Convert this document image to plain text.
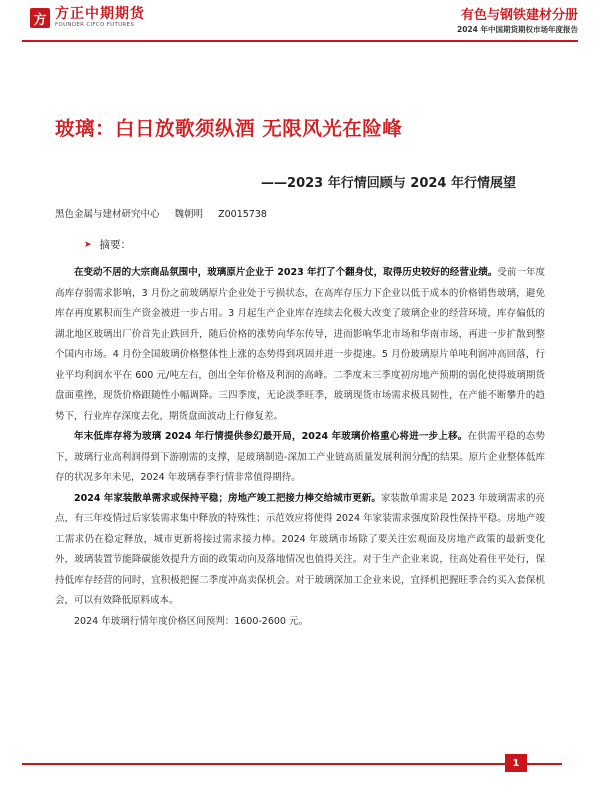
方 方正中期期货
FOUNDER CIFCO FUTURES
有色与钢铁建材分册
2024 年中国期货期权市场年度报告
玻璃：白日放歌须纵酒 无限风光在险峰
——2023 年行情回顾与 2024 年行情展望
黑色金属与建材研究中心 魏朝明 Z0015738
➤ 摘要：

在变动不居的大宗商品氛围中，玻璃原片企业于 2023 年打了个翻身仗，取得历史较好的经营业绩。受前一年度高库存弱需求影响，3 月份之前玻璃原片企业处于亏损状态，在高库存压力下企业以低于成本的价格销售玻璃，避免库存再度累积而生产资金被进一步占用。3 月起生产企业库存连续去化极大改变了玻璃企业的经营环境，库存偏低的湖北地区玻璃出厂价首先止跌回升，随后价格的涨势向华东传导，进而影响华北市场和华南市场，再进一步扩散到整个国内市场。4 月份全国玻璃价格整体性上涨的态势得到巩固并进一步提速。5 月份玻璃原片单吨利润冲高回落，行业平均利润水平在 600 元/吨左右，创出全年价格及利润的高峰。二季度末三季度初房地产预期的弱化使得玻璃期货盘面重挫，现货价格跟随性小幅调降。三四季度，无论淡季旺季，玻璃现货市场需求极具韧性，在产能不断攀升的趋势下，行业库存深度去化，期货盘面波动上行修复差。

年末低库存将为玻璃 2024 年行情提供参幻最开局，2024 年玻璃价格重心将进一步上移。在供需平稳的态势下，玻璃行业高利润得到下游刚需的支撑，是玻璃制造-深加工产业链高质量发展利润分配的结果。原片企业整体低库存的状况多年未见，2024 年玻璃春季行情非常值得期待。

2024 年家装散单需求或保持平稳；房地产竣工把接力棒交给城市更新。家装散单需求是 2023 年玻璃需求的亮点，有三年疫情过后家装需求集中释放的特殊性；示范效应将使得 2024 年家装需求强度阶段性保持平稳。房地产竣工需求仍在稳定释放，城市更新将接过需求接力棒。2024 年玻璃市场除了要关注宏观面及房地产政策的最新变化外，玻璃装置节能降碳能效提升方面的政策动向及落地情况也值得关注。对于生产企业来说，往高处看住平处行，保持低库存经营的同时，宜积极把握二季度冲高卖保机会。对于玻璃深加工企业来说，宜择机把握旺季合约买入套保机会，可以有效降低原料成本。

2024 年玻璃行情年度价格区间预判：1600-2600 元。

1
